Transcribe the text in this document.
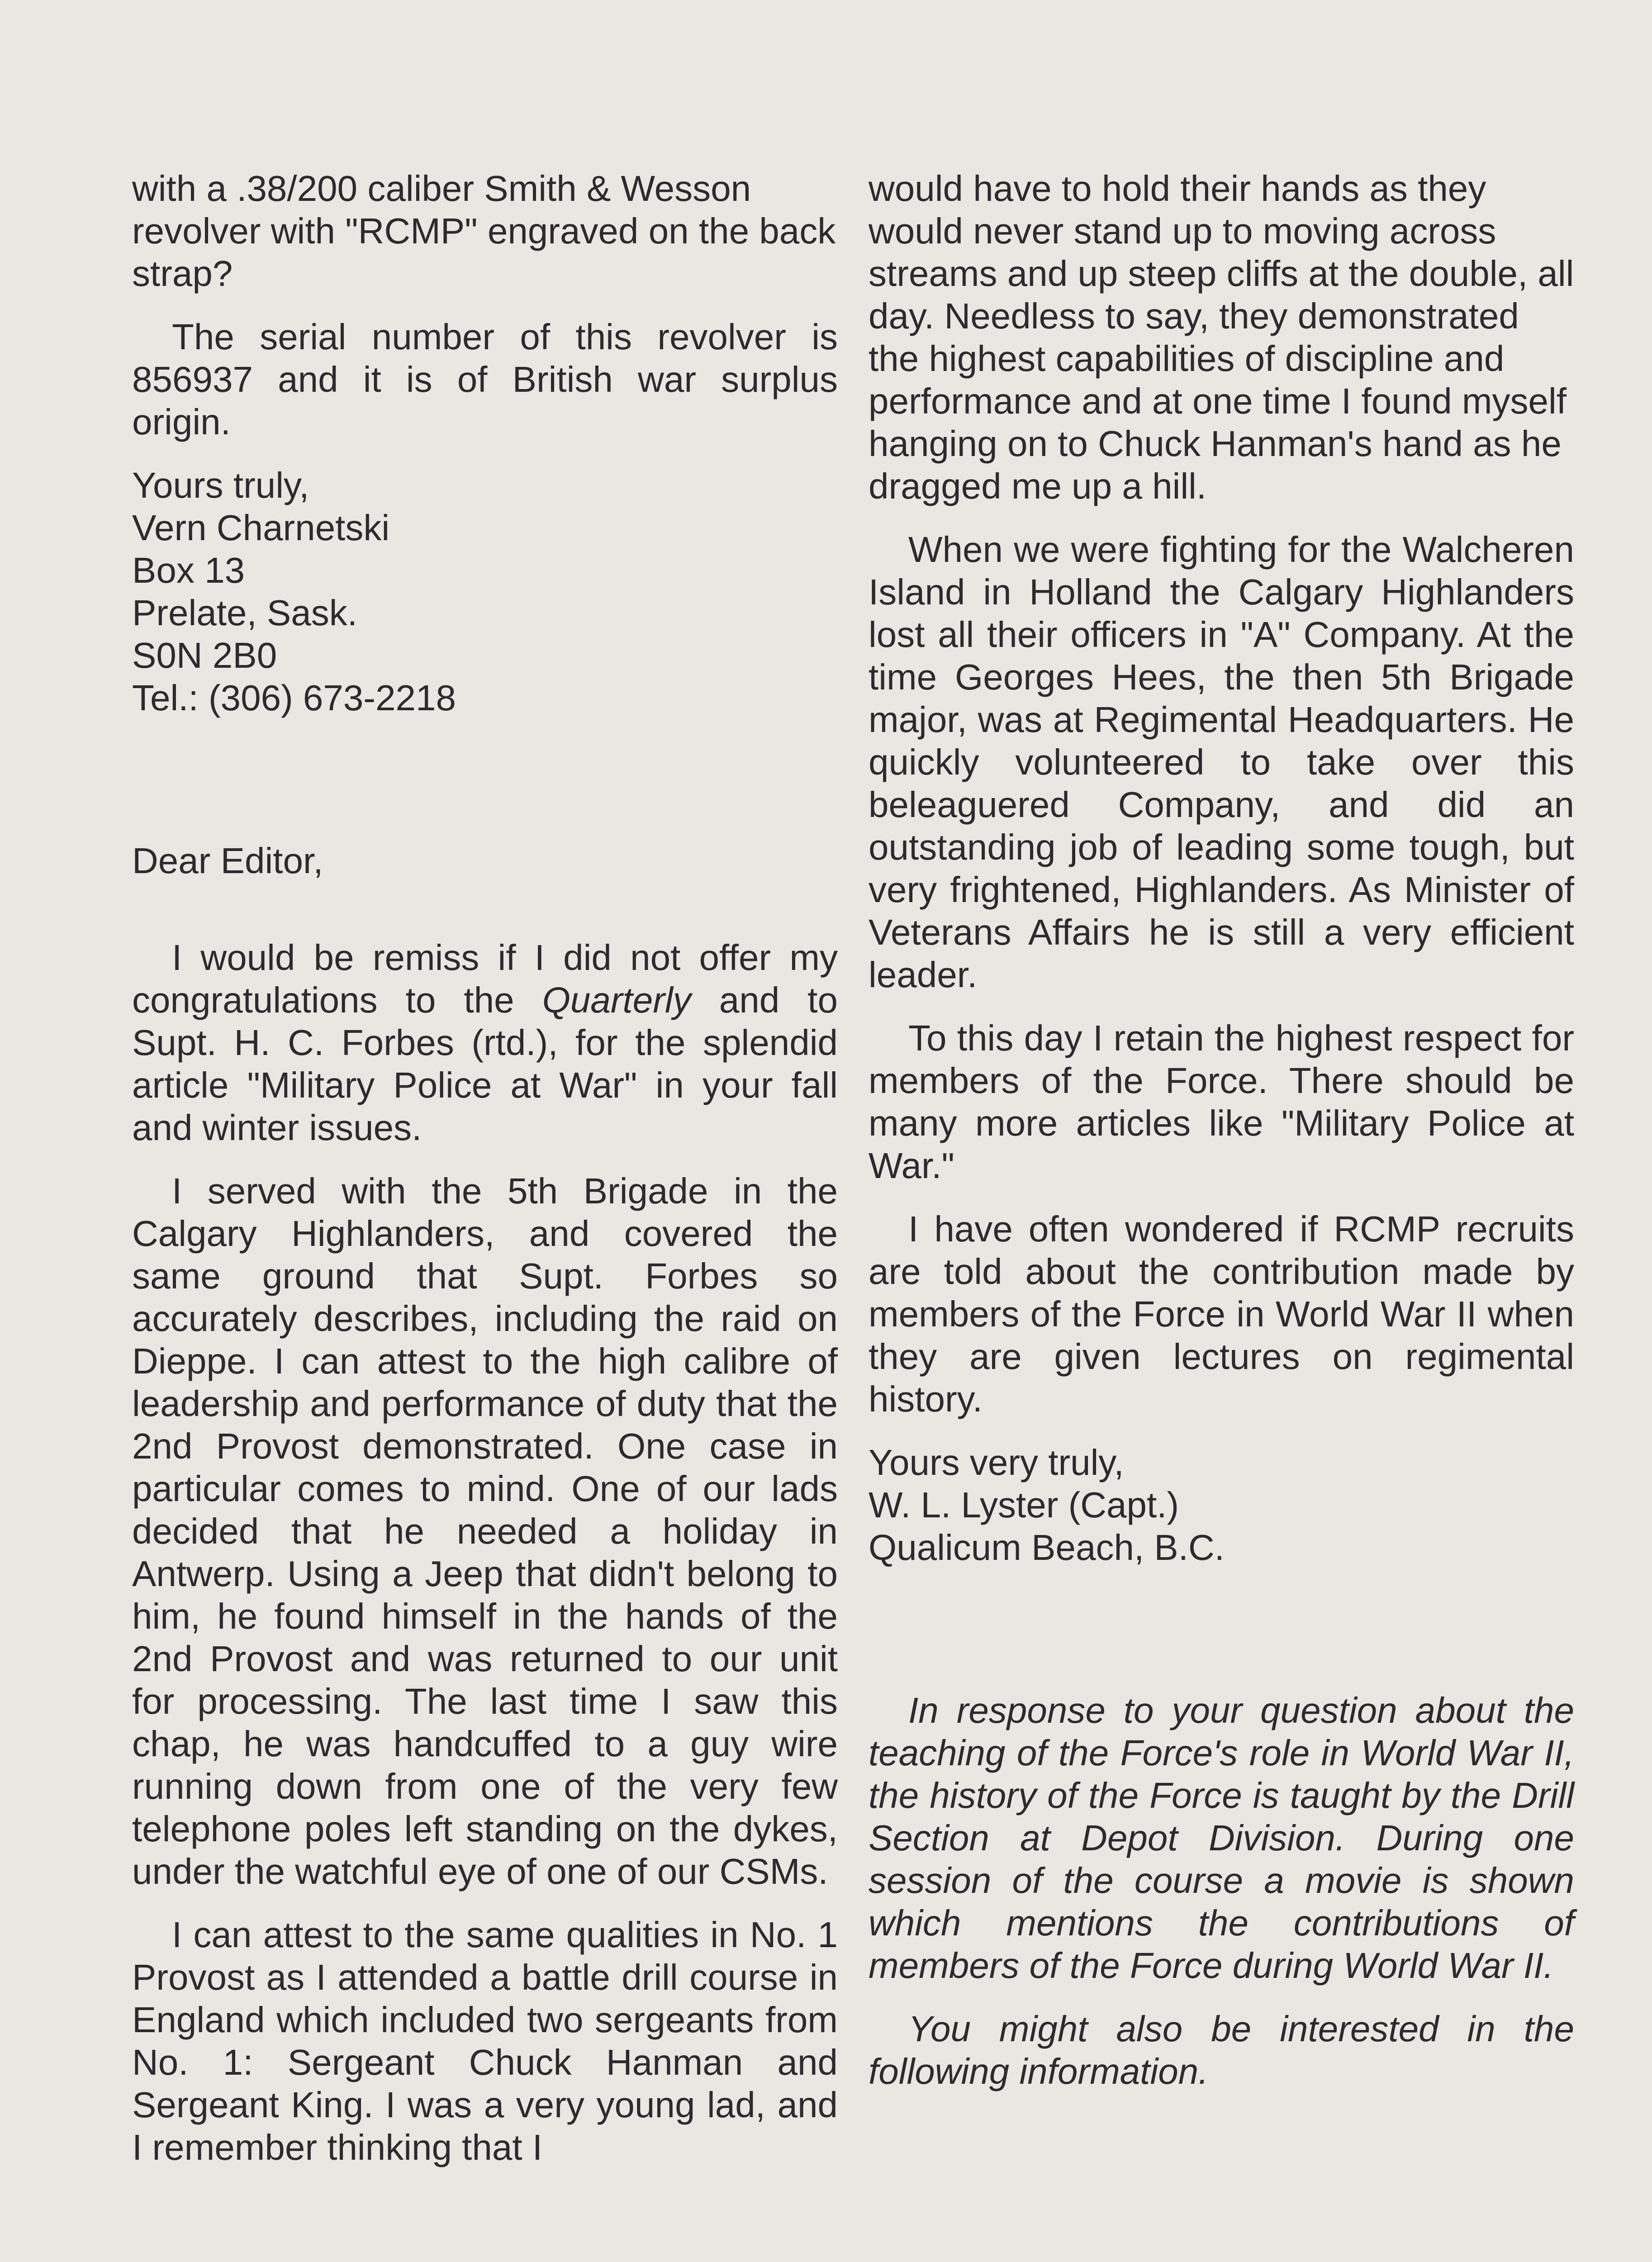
with a .38/200 caliber Smith & Wesson revolver with "RCMP" engraved on the back strap?

The serial number of this revolver is 856937 and it is of British war surplus origin.

Yours truly,
Vern Charnetski
Box 13
Prelate, Sask.
S0N 2B0
Tel.: (306) 673-2218
Dear Editor,

I would be remiss if I did not offer my congratulations to the Quarterly and to Supt. H. C. Forbes (rtd.), for the splendid article "Military Police at War" in your fall and winter issues.

I served with the 5th Brigade in the Calgary Highlanders, and covered the same ground that Supt. Forbes so accurately describes, including the raid on Dieppe. I can attest to the high calibre of leadership and performance of duty that the 2nd Provost demonstrated. One case in particular comes to mind. One of our lads decided that he needed a holiday in Antwerp. Using a Jeep that didn't belong to him, he found himself in the hands of the 2nd Provost and was returned to our unit for processing. The last time I saw this chap, he was handcuffed to a guy wire running down from one of the very few telephone poles left standing on the dykes, under the watchful eye of one of our CSMs.

I can attest to the same qualities in No. 1 Provost as I attended a battle drill course in England which included two sergeants from No. 1: Sergeant Chuck Hanman and Sergeant King. I was a very young lad, and I remember thinking that I

would have to hold their hands as they would never stand up to moving across streams and up steep cliffs at the double, all day. Needless to say, they demonstrated the highest capabilities of discipline and performance and at one time I found myself hanging on to Chuck Hanman's hand as he dragged me up a hill.

When we were fighting for the Walcheren Island in Holland the Calgary Highlanders lost all their officers in "A" Company. At the time Georges Hees, the then 5th Brigade major, was at Regimental Headquarters. He quickly volunteered to take over this beleaguered Company, and did an outstanding job of leading some tough, but very frightened, Highlanders. As Minister of Veterans Affairs he is still a very efficient leader.

To this day I retain the highest respect for members of the Force. There should be many more articles like "Military Police at War."

I have often wondered if RCMP recruits are told about the contribution made by members of the Force in World War II when they are given lectures on regimental history.

Yours very truly,
W. L. Lyster (Capt.)
Qualicum Beach, B.C.

In response to your question about the teaching of the Force's role in World War II, the history of the Force is taught by the Drill Section at Depot Division. During one session of the course a movie is shown which mentions the contributions of members of the Force during World War II.

You might also be interested in the following information.
